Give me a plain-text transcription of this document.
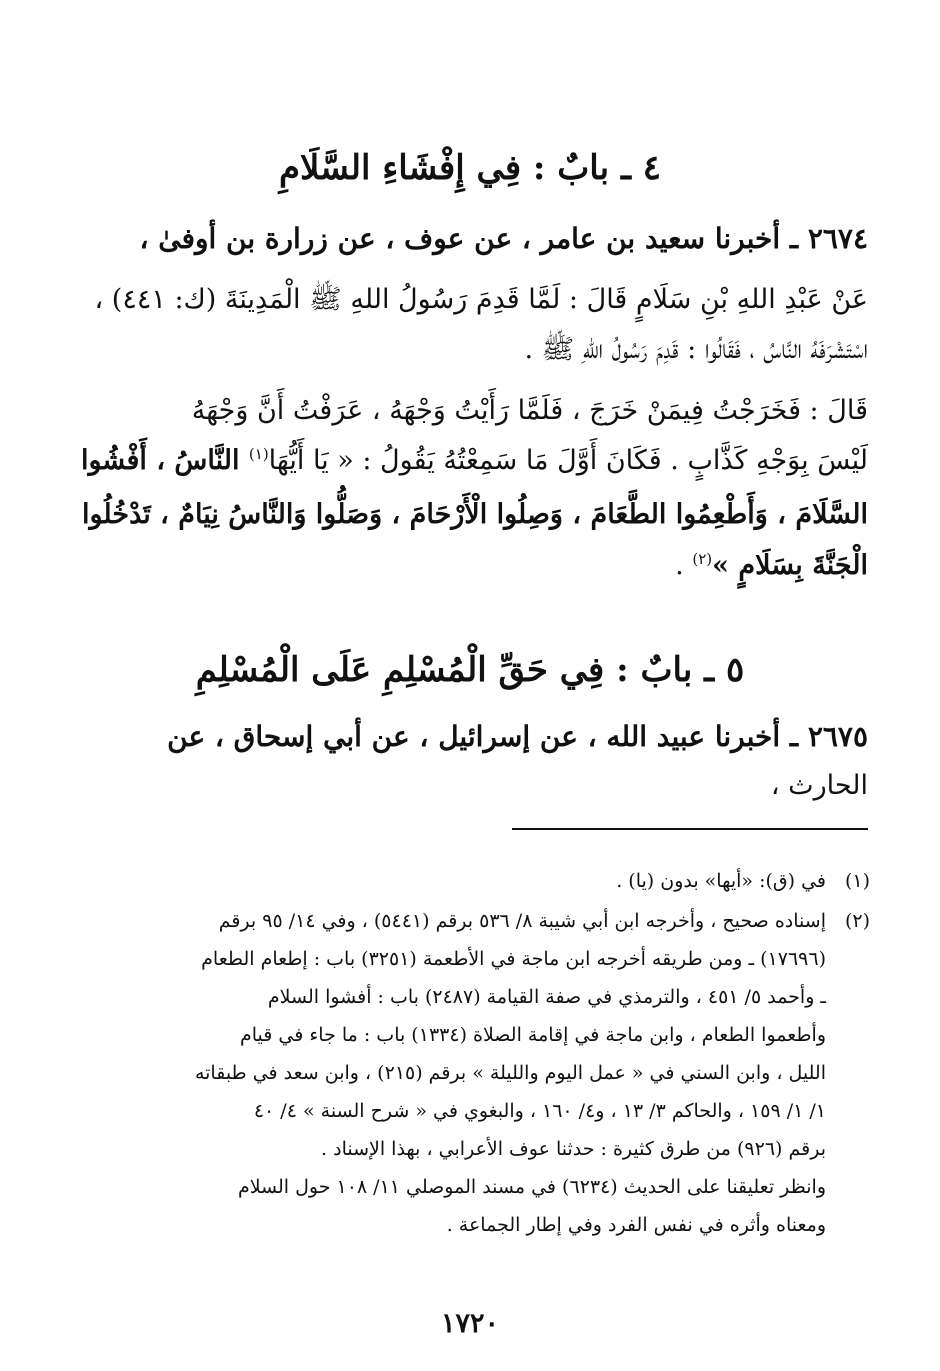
٤ ـ بابٌ : فِي إِفْشَاءِ السَّلَامِ
٢٦٧٤ ـ أخبرنا سعيد بن عامر ، عن عوف ، عن زرارة بن أوفىٰ ،
عَنْ عَبْدِ اللهِ بْنِ سَلَامٍ قَالَ : لَمَّا قَدِمَ رَسُولُ اللهِ ﷺ الْمَدِينَةَ (ك: ٤٤١) ،
اسْتَشْرَفَهُ النَّاسُ ، فَقَالُوا : قَدِمَ رَسُولُ اللهِ ﷺ .
قَالَ : فَخَرَجْتُ فِيمَنْ خَرَجَ ، فَلَمَّا رَأَيْتُ وَجْهَهُ ، عَرَفْتُ أَنَّ وَجْهَهُ
لَيْسَ بِوَجْهِ كَذَّابٍ . فَكَانَ أَوَّلَ مَا سَمِعْتُهُ يَقُولُ : « يَا أَيُّهَا$^{(١)}$ النَّاسُ ، أَفْشُوا
السَّلَامَ ، وَأَطْعِمُوا الطَّعَامَ ، وَصِلُوا الْأَرْحَامَ ، وَصَلُّوا وَالنَّاسُ نِيَامٌ ، تَدْخُلُوا
الْجَنَّةَ بِسَلَامٍ »$^{(٢)}$ .
٥ ـ بابٌ : فِي حَقِّ الْمُسْلِمِ عَلَى الْمُسْلِمِ
٢٦٧٥ ـ أخبرنا عبيد الله ، عن إسرائيل ، عن أبي إسحاق ، عن
الحارث ،
(١)في (ق): «أيها» بدون (يا) .
(٢)إسناده صحيح ، وأخرجه ابن أبي شيبة ٨/ ٥٣٦ برقم (٥٤٤١) ، وفي ١٤/ ٩٥ برقم
(١٧٦٩٦) ـ ومن طريقه أخرجه ابن ماجة في الأطعمة (٣٢٥١) باب : إطعام الطعام
ـ وأحمد ٥/ ٤٥١ ، والترمذي في صفة القيامة (٢٤٨٧) باب : أفشوا السلام
وأطعموا الطعام ، وابن ماجة في إقامة الصلاة (١٣٣٤) باب : ما جاء في قيام
الليل ، وابن السني في « عمل اليوم والليلة » برقم (٢١٥) ، وابن سعد في طبقاته
١/ ١/ ١٥٩ ، والحاكم ٣/ ١٣ ، و٤/ ١٦٠ ، والبغوي في « شرح السنة » ٤/ ٤٠
برقم (٩٢٦) من طرق كثيرة : حدثنا عوف الأعرابي ، بهذا الإسناد .
وانظر تعليقنا على الحديث (٦٢٣٤) في مسند الموصلي ١١/ ١٠٨ حول السلام
ومعناه وأثره في نفس الفرد وفي إطار الجماعة .
١٧٢٠
